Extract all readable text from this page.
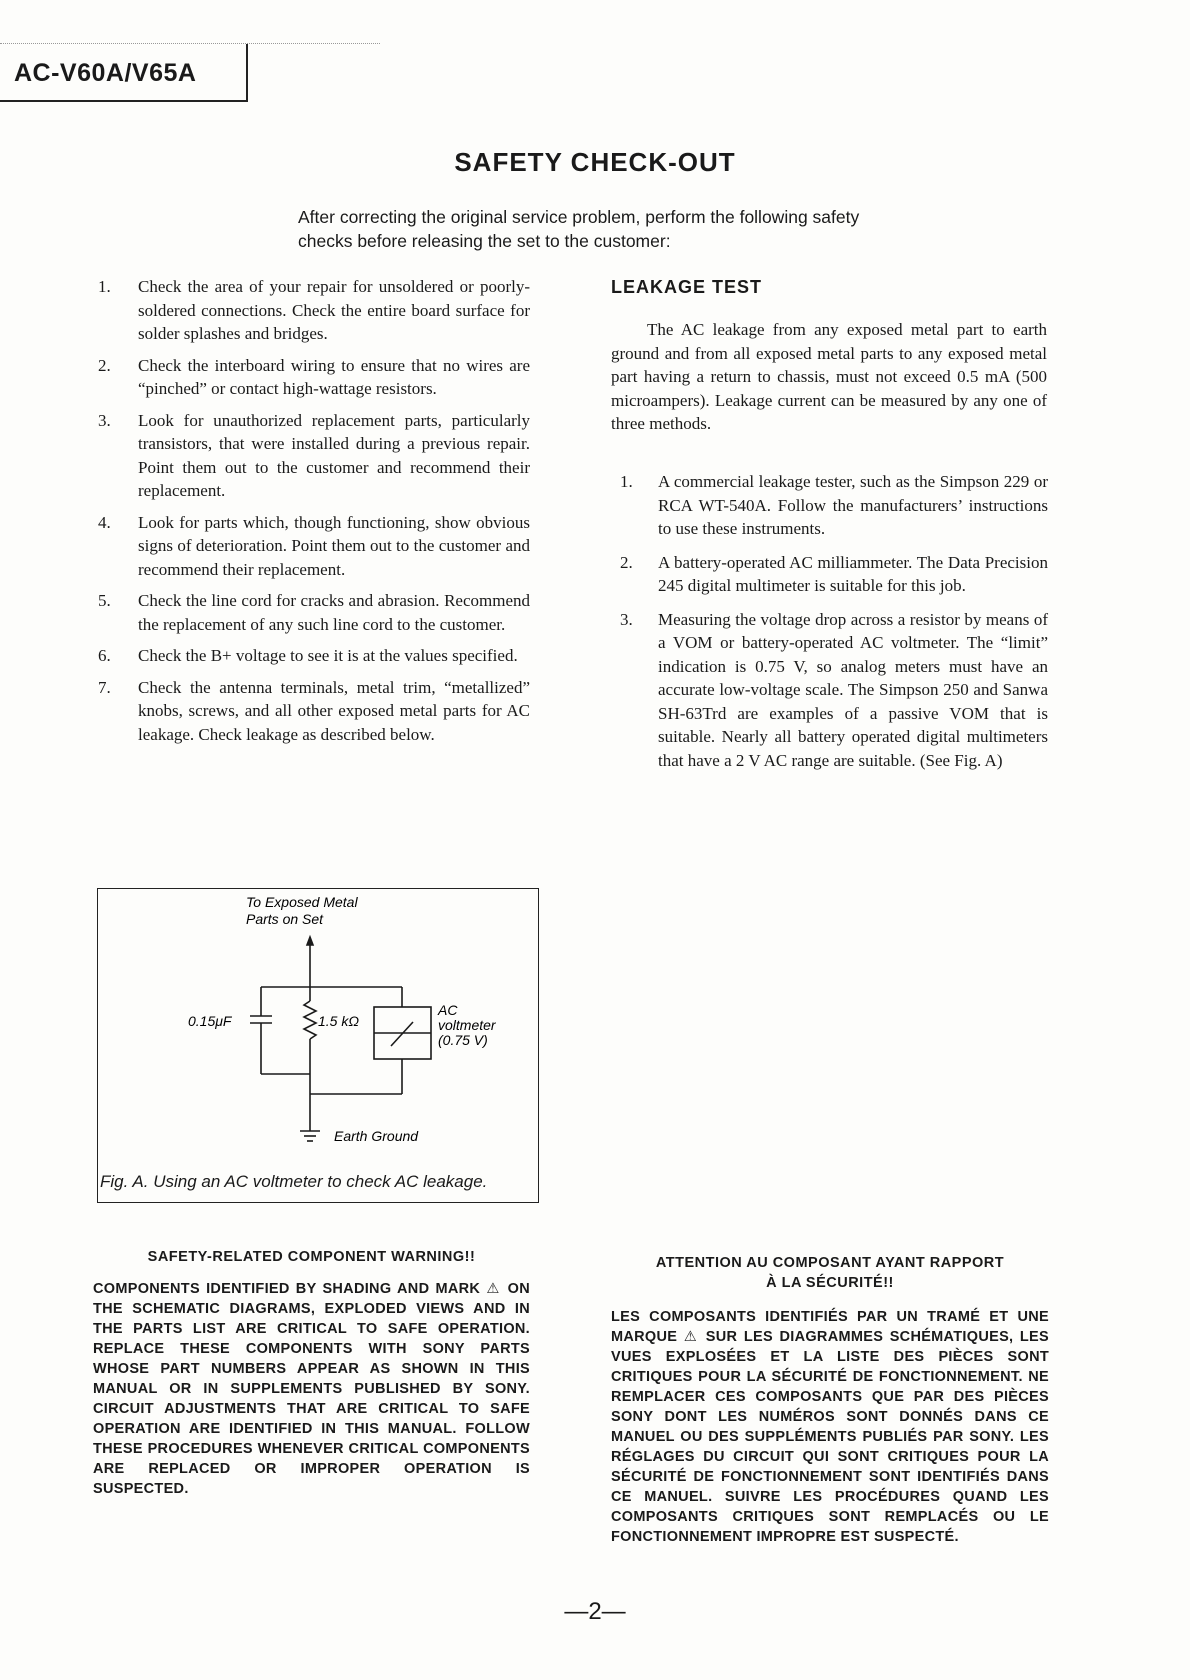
AC-V60A/V65A
SAFETY CHECK-OUT
After correcting the original service problem, perform the following safety checks before releasing the set to the customer:
1. Check the area of your repair for unsoldered or poorly-soldered connections. Check the entire board surface for solder splashes and bridges.
2. Check the interboard wiring to ensure that no wires are “pinched” or contact high-wattage resistors.
3. Look for unauthorized replacement parts, particularly transistors, that were installed during a previous repair. Point them out to the customer and recommend their replacement.
4. Look for parts which, though functioning, show obvious signs of deterioration. Point them out to the customer and recommend their replacement.
5. Check the line cord for cracks and abrasion. Recommend the replacement of any such line cord to the customer.
6. Check the B+ voltage to see it is at the values specified.
7. Check the antenna terminals, metal trim, “metallized” knobs, screws, and all other exposed metal parts for AC leakage. Check leakage as described below.
LEAKAGE TEST

The AC leakage from any exposed metal part to earth ground and from all exposed metal parts to any exposed metal part having a return to chassis, must not exceed 0.5 mA (500 microampers). Leakage current can be measured by any one of three methods.

1. A commercial leakage tester, such as the Simpson 229 or RCA WT-540A. Follow the manufacturers’ instructions to use these instruments.
2. A battery-operated AC milliammeter. The Data Precision 245 digital multimeter is suitable for this job.
3. Measuring the voltage drop across a resistor by means of a VOM or battery-operated AC voltmeter. The “limit” indication is 0.75 V, so analog meters must have an accurate low-voltage scale. The Simpson 250 and Sanwa SH-63Trd are examples of a passive VOM that is suitable. Nearly all battery operated digital multimeters that have a 2 V AC range are suitable. (See Fig. A)
To Exposed Metal
Parts on Set
0.15μF	1.5 kΩ
AC
voltmeter
(0.75 V)
Earth Ground
Fig. A. Using an AC voltmeter to check AC leakage.
SAFETY-RELATED COMPONENT WARNING!!
COMPONENTS IDENTIFIED BY SHADING AND MARK ⚠ ON THE SCHEMATIC DIAGRAMS, EXPLODED VIEWS AND IN THE PARTS LIST ARE CRITICAL TO SAFE OPERATION. REPLACE THESE COMPONENTS WITH SONY PARTS WHOSE PART NUMBERS APPEAR AS SHOWN IN THIS MANUAL OR IN SUPPLEMENTS PUBLISHED BY SONY. CIRCUIT ADJUSTMENTS THAT ARE CRITICAL TO SAFE OPERATION ARE IDENTIFIED IN THIS MANUAL. FOLLOW THESE PROCEDURES WHENEVER CRITICAL COMPONENTS ARE REPLACED OR IMPROPER OPERATION IS SUSPECTED.
ATTENTION AU COMPOSANT AYANT RAPPORT
À LA SÉCURITÉ!!
LES COMPOSANTS IDENTIFIÉS PAR UN TRAMÉ ET UNE MARQUE ⚠ SUR LES DIAGRAMMES SCHÉMATIQUES, LES VUES EXPLOSÉES ET LA LISTE DES PIÈCES SONT CRITIQUES POUR LA SÉCURITÉ DE FONCTIONNEMENT. NE REMPLACER CES COMPOSANTS QUE PAR DES PIÈCES SONY DONT LES NUMÉROS SONT DONNÉS DANS CE MANUEL OU DES SUPPLÉMENTS PUBLIÉS PAR SONY. LES RÉGLAGES DU CIRCUIT QUI SONT CRITIQUES POUR LA SÉCURITÉ DE FONCTIONNEMENT SONT IDENTIFIÉS DANS CE MANUEL. SUIVRE LES PROCÉDURES QUAND LES COMPOSANTS CRITIQUES SONT REMPLACÉS OU LE FONCTIONNEMENT IMPROPRE EST SUSPECTÉ.
—2—
